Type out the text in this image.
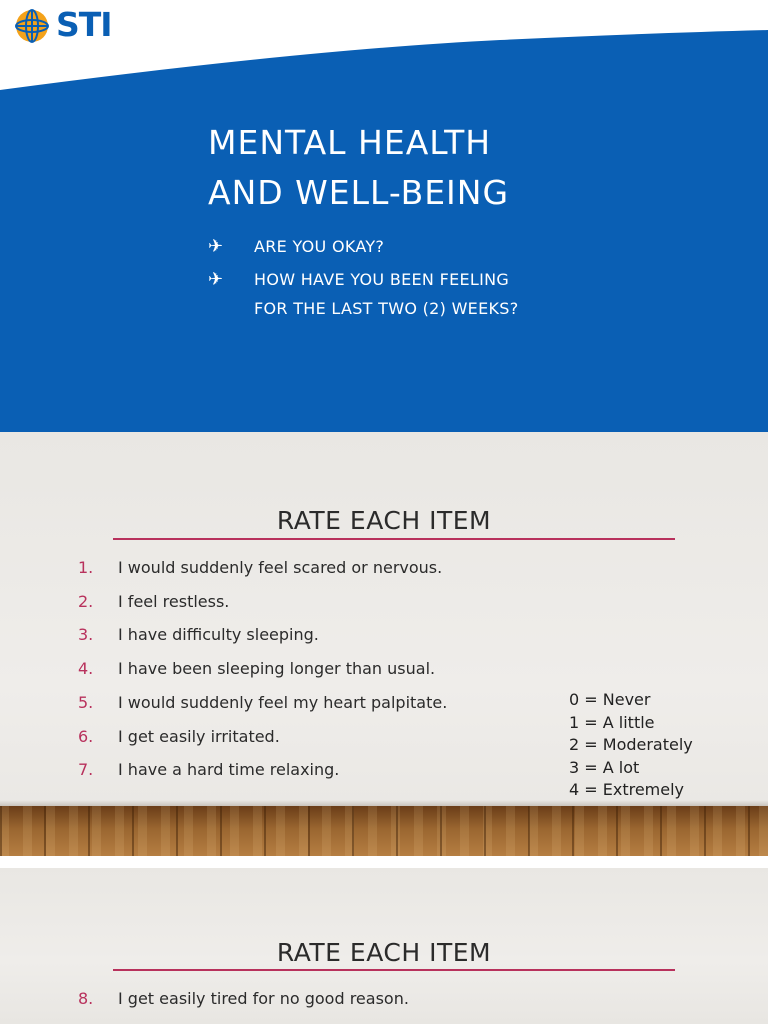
STI
MENTAL HEALTH
AND WELL-BEING
✈ ARE YOU OKAY?
✈ HOW HAVE YOU BEEN FEELING
FOR THE LAST TWO (2) WEEKS?
RATE EACH ITEM
1. I would suddenly feel scared or nervous.
2. I feel restless.
3. I have difficulty sleeping.
4. I have been sleeping longer than usual.
5. I would suddenly feel my heart palpitate.
6. I get easily irritated.
7. I have a hard time relaxing.
0 = Never
1 = A little
2 = Moderately
3 = A lot
4 = Extremely
RATE EACH ITEM
8. I get easily tired for no good reason.
